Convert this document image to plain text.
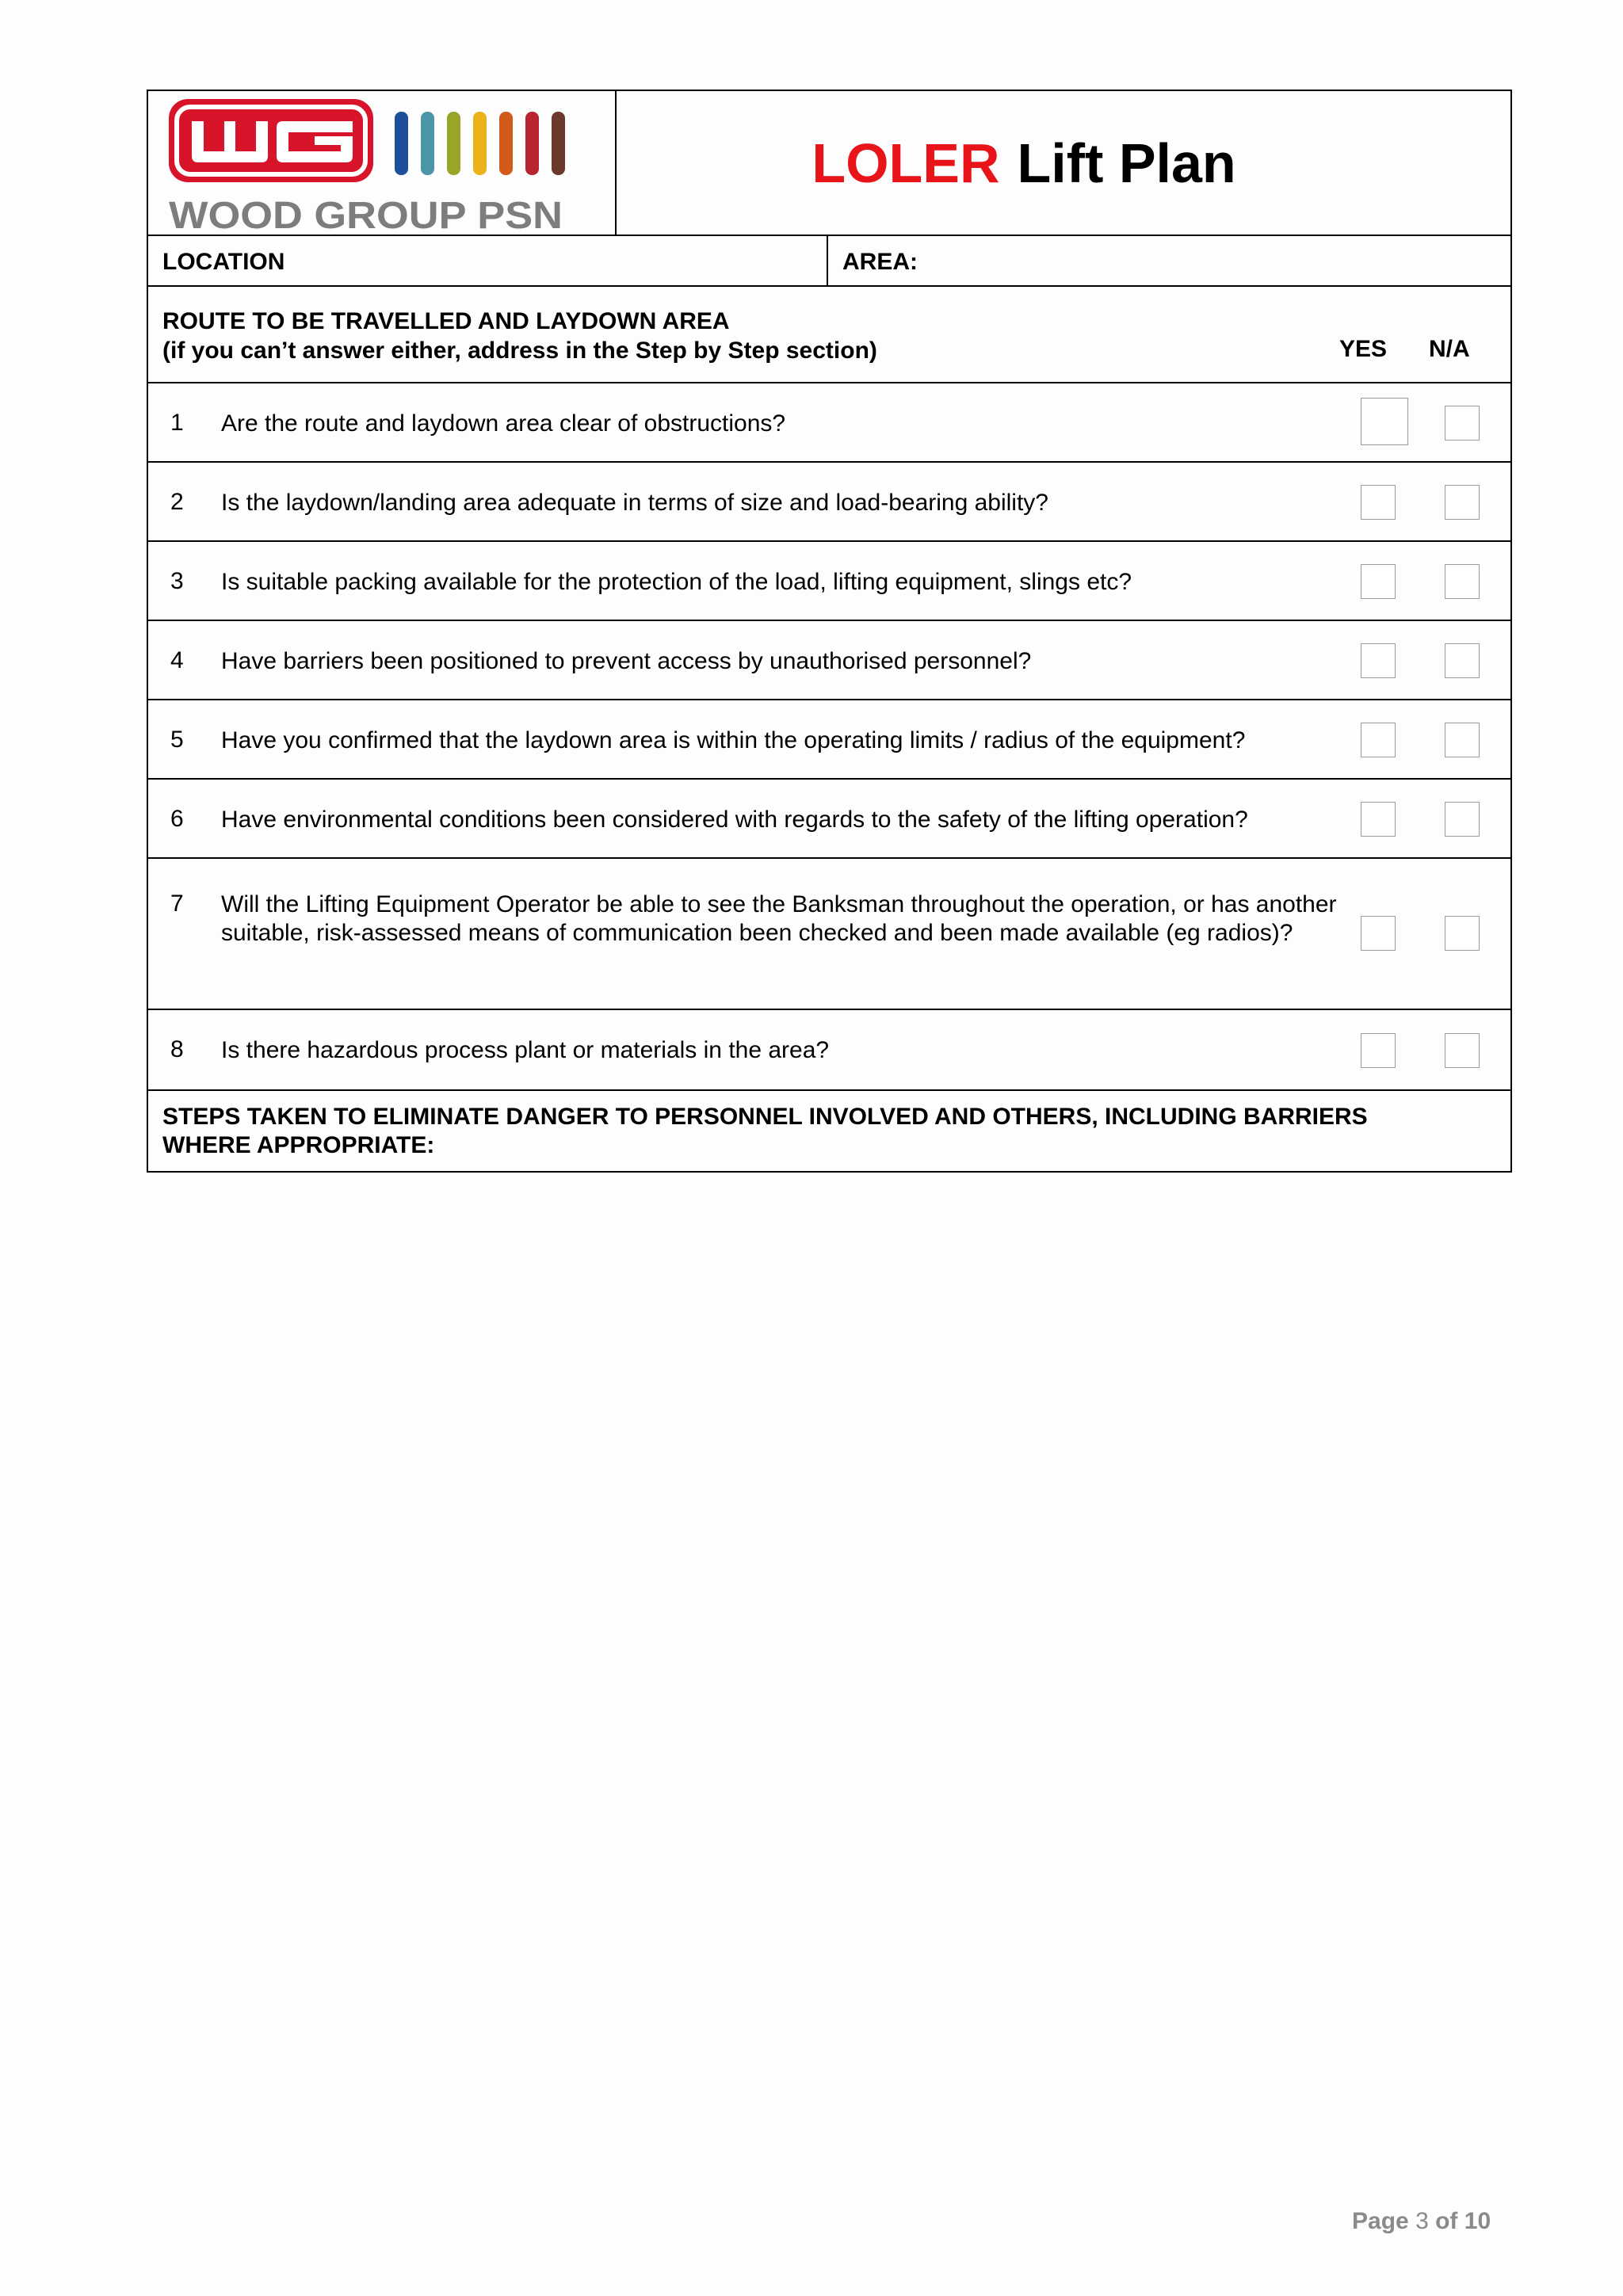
WOOD GROUP PSN
LOLER Lift Plan
LOCATION	AREA:
ROUTE TO BE TRAVELLED AND LAYDOWN AREA
(if you can’t answer either, address in the Step by Step section)	YES N/A
1 Are the route and laydown area clear of obstructions?
2 Is the laydown/landing area adequate in terms of size and load-bearing ability?
3 Is suitable packing available for the protection of the load, lifting equipment, slings etc?
4 Have barriers been positioned to prevent access by unauthorised personnel?
5 Have you confirmed that the laydown area is within the operating limits / radius of the equipment?
6 Have environmental conditions been considered with regards to the safety of the lifting operation?
7 Will the Lifting Equipment Operator be able to see the Banksman throughout the operation, or has another suitable, risk-assessed means of communication been checked and been made available (eg radios)?
8 Is there hazardous process plant or materials in the area?
STEPS TAKEN TO ELIMINATE DANGER TO PERSONNEL INVOLVED AND OTHERS, INCLUDING BARRIERS
WHERE APPROPRIATE:
Page 3 of 10
